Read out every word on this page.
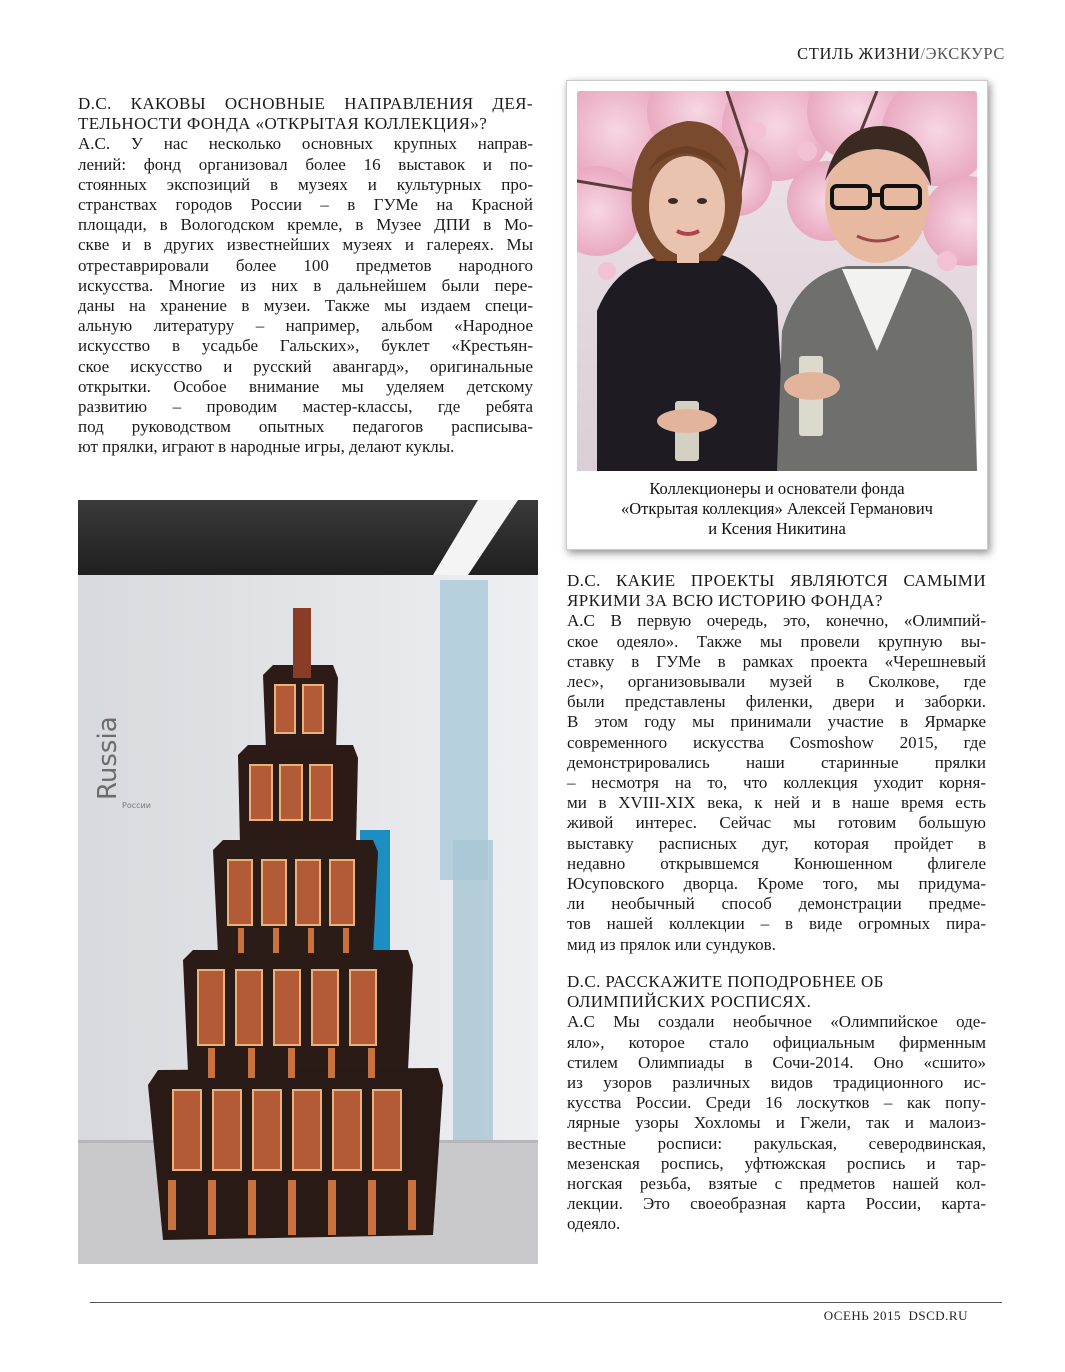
СТИЛЬ ЖИЗНИ/ЭКСКУРС

D.C. КАКОВЫ ОСНОВНЫЕ НАПРАВЛЕНИЯ ДЕЯ-

ТЕЛЬНОСТИ ФОНДА «ОТКРЫТАЯ КОЛЛЕКЦИЯ»?

А.С. У нас несколько основных крупных направ-

лений: фонд организовал более 16 выставок и по-

стоянных экспозиций в музеях и культурных про-

странствах городов России – в ГУМе на Красной

площади, в Вологодском кремле, в Музее ДПИ в Мо-

скве и в других известнейших музеях и галереях. Мы

отреставрировали более 100 предметов народного

искусства. Многие из них в дальнейшем были пере-

даны на хранение в музеи. Также мы издаем специ-

альную литературу – например, альбом «Народное

искусство в усадьбе Гальских», буклет «Крестьян-

ское искусство и русский авангард», оригинальные

открытки. Особое внимание мы уделяем детскому

развитию – проводим мастер-классы, где ребята

под руководством опытных педагогов расписыва-

ют прялки, играют в народные игры, делают куклы.

Коллекционеры и основатели фонда
«Открытая коллекция» Алексей Германович
и Ксения Никитина
Russia
России

D.C. КАКИЕ ПРОЕКТЫ ЯВЛЯЮТСЯ САМЫМИ

ЯРКИМИ ЗА ВСЮ ИСТОРИЮ ФОНДА?

А.С В первую очередь, это, конечно, «Олимпий-

ское одеяло». Также мы провели крупную вы-

ставку в ГУМе в рамках проекта «Черешневый

лес», организовывали музей в Сколкове, где

были представлены филенки, двери и заборки.

В этом году мы принимали участие в Ярмарке

современного искусства Cosmoshow 2015, где

демонстрировались наши старинные прялки

– несмотря на то, что коллекция уходит корня-

ми в XVIII-XIX века, к ней и в наше время есть

живой интерес. Сейчас мы готовим большую

выставку расписных дуг, которая пройдет в

недавно открывшемся Конюшенном флигеле

Юсуповского дворца. Кроме того, мы придума-

ли необычный способ демонстрации предме-

тов нашей коллекции – в виде огромных пира-

мид из прялок или сундуков.

D.C. РАССКАЖИТЕ ПОПОДРОБНЕЕ ОБ

ОЛИМПИЙСКИХ РОСПИСЯХ.

А.С Мы создали необычное «Олимпийское оде-

яло», которое стало официальным фирменным

стилем Олимпиады в Сочи-2014. Оно «сшито»

из узоров различных видов традиционного ис-

кусства России. Среди 16 лоскутков – как попу-

лярные узоры Хохломы и Гжели, так и малоиз-

вестные росписи: ракульская, северодвинская,

мезенская роспись, уфтюжская роспись и тар-

ногская резьба, взятые с предметов нашей кол-

лекции. Это своеобразная карта России, карта-

одеяло.

ОСЕНЬ 2015 DSCD.RU
